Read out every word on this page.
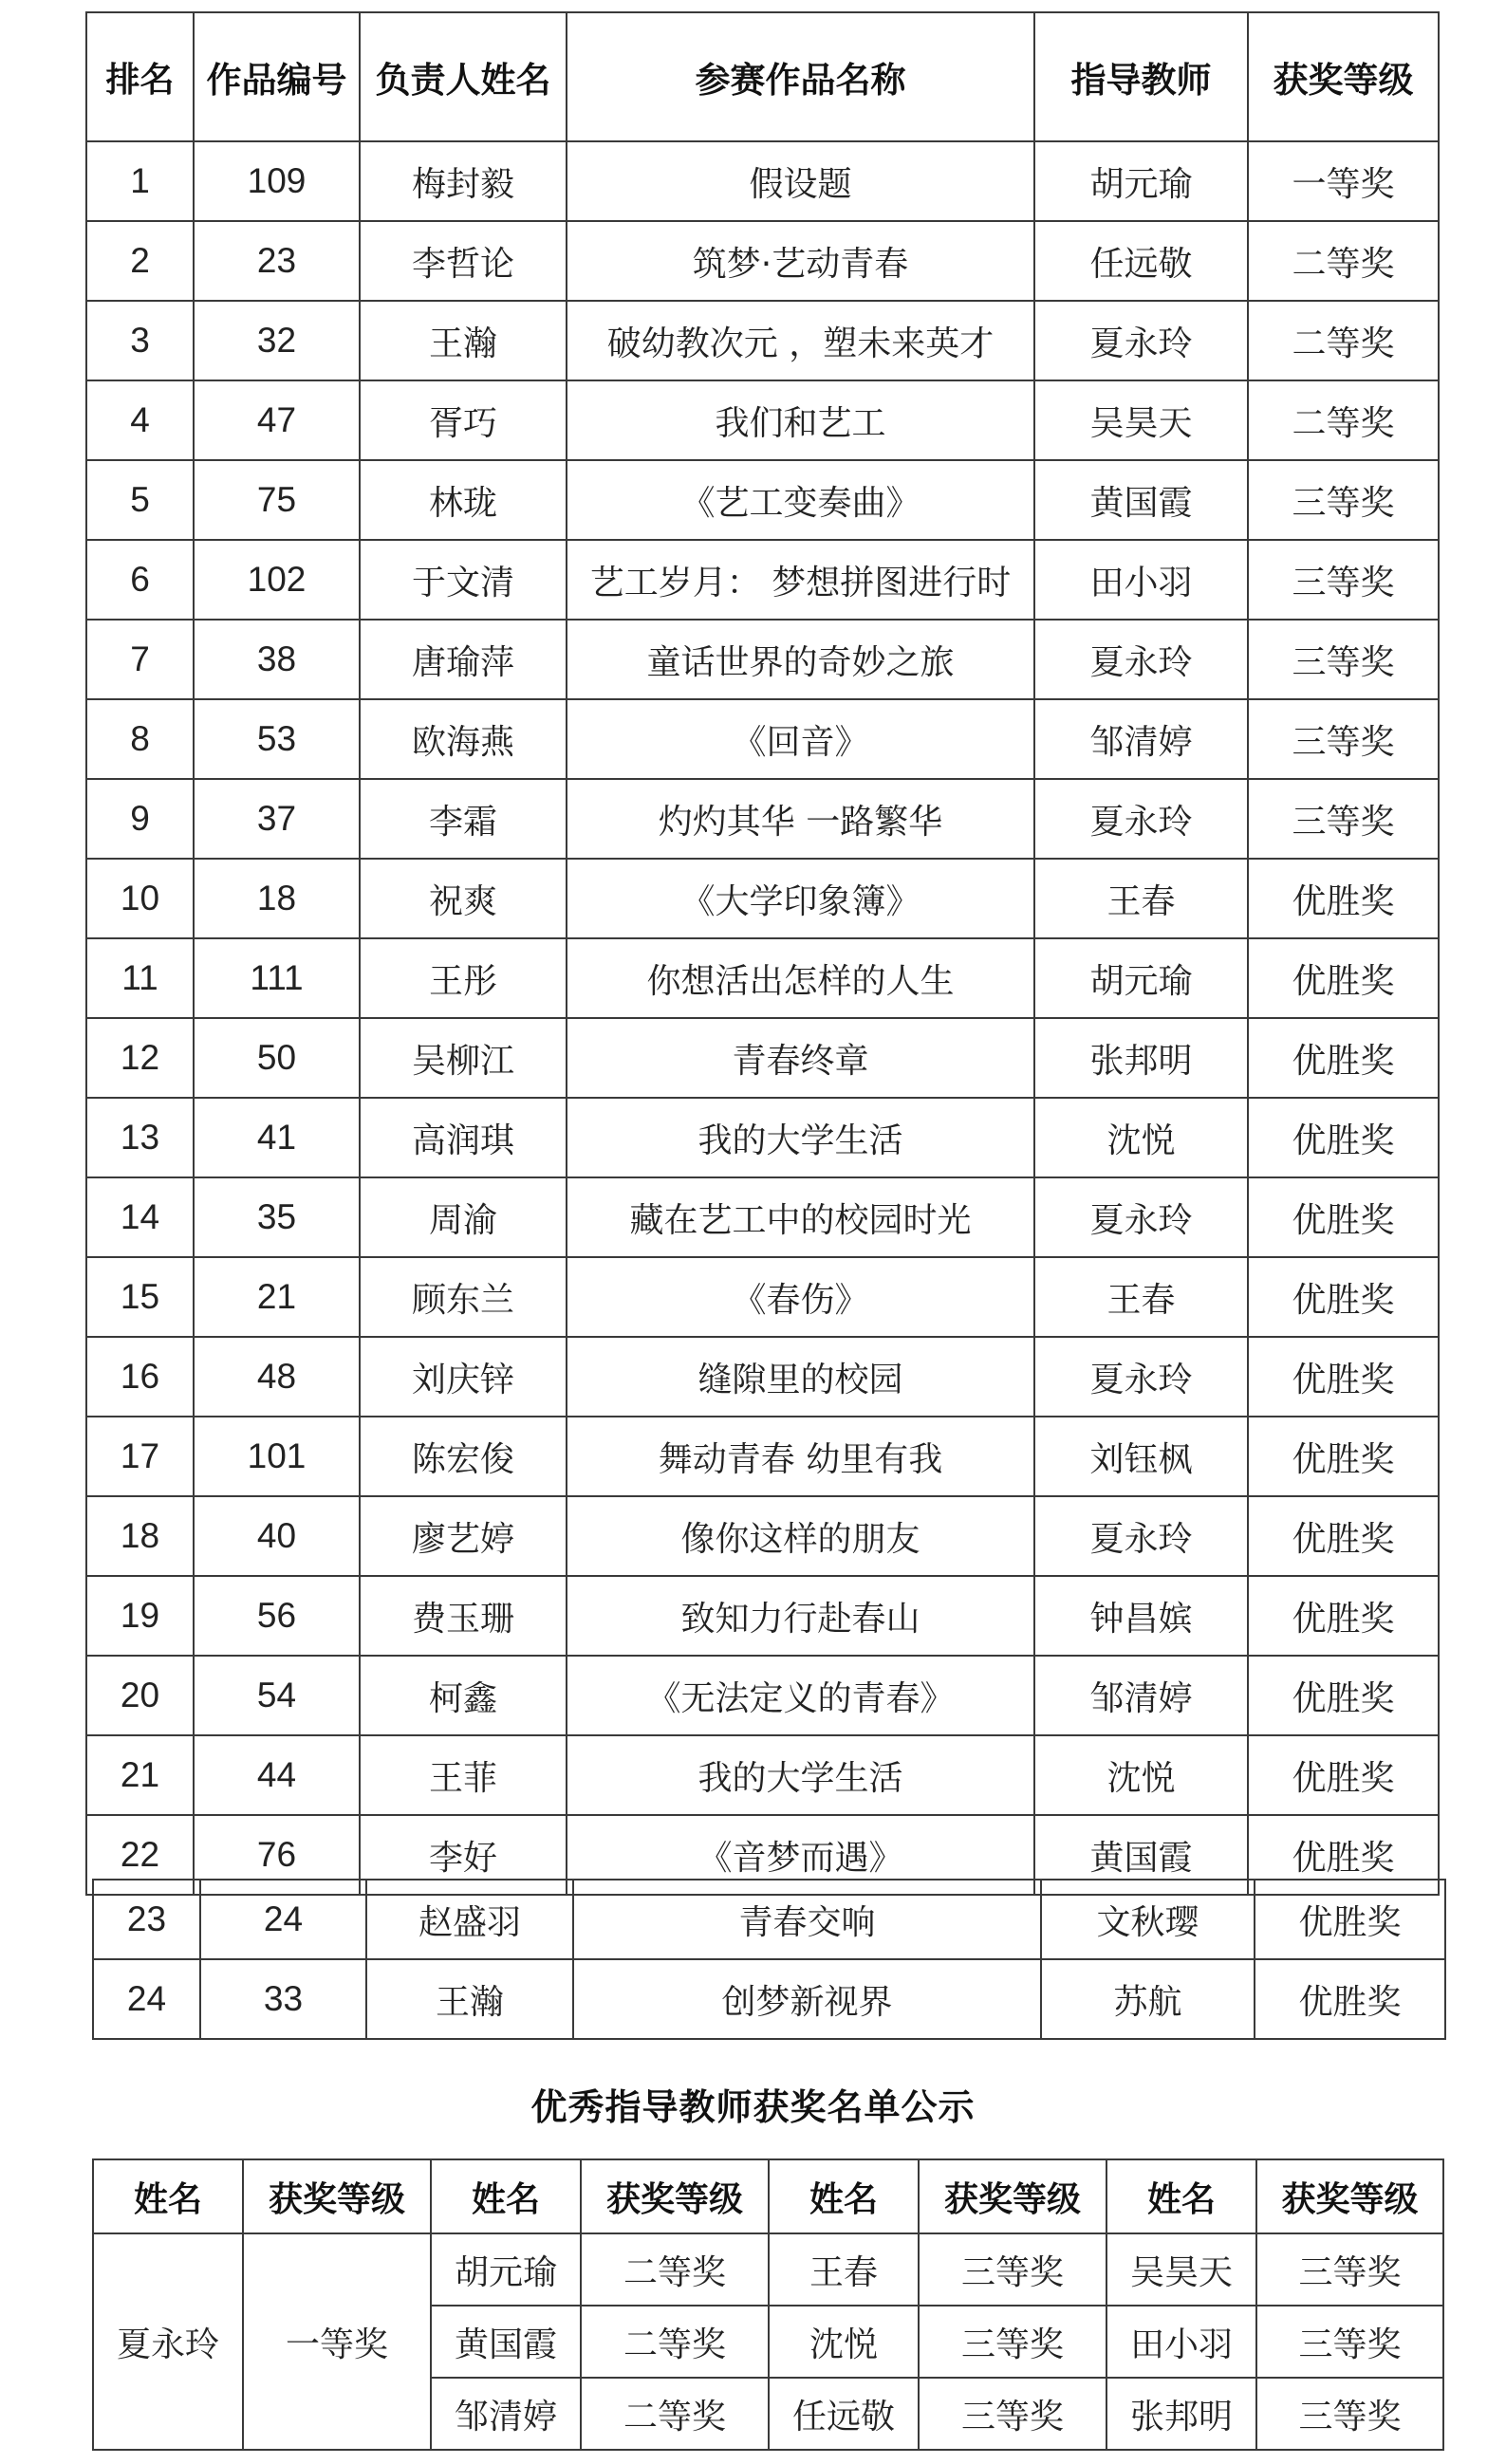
排名	作品编号	负责人姓名	参赛作品名称	指导教师	获奖等级
1	109	梅封毅	假设题	胡元瑜	一等奖
2	23	李哲论	筑梦·艺动青春	任远敬	二等奖
3	32	王瀚	破幼教次元 ，塑未来英才	夏永玲	二等奖
4	47	胥巧	我们和艺工	吴昊天	二等奖
5	75	林珑	《艺工变奏曲》	黄国霞	三等奖
6	102	于文清	艺工岁月： 梦想拼图进行时	田小羽	三等奖
7	38	唐瑜萍	童话世界的奇妙之旅	夏永玲	三等奖
8	53	欧海燕	《回音》	邹清婷	三等奖
9	37	李霜	灼灼其华 一路繁华	夏永玲	三等奖
10	18	祝爽	《大学印象簿》	王春	优胜奖
11	111	王彤	你想活出怎样的人生	胡元瑜	优胜奖
12	50	吴柳江	青春终章	张邦明	优胜奖
13	41	高润琪	我的大学生活	沈悦	优胜奖
14	35	周渝	藏在艺工中的校园时光	夏永玲	优胜奖
15	21	顾东兰	《春伤》	王春	优胜奖
16	48	刘庆锌	缝隙里的校园	夏永玲	优胜奖
17	101	陈宏俊	舞动青春 幼里有我	刘钰枫	优胜奖
18	40	廖艺婷	像你这样的朋友	夏永玲	优胜奖
19	56	费玉珊	致知力行赴春山	钟昌嫔	优胜奖
20	54	柯鑫	《无法定义的青春》	邹清婷	优胜奖
21	44	王菲	我的大学生活	沈悦	优胜奖
22	76	李好	《音梦而遇》	黄国霞	优胜奖
23	24	赵盛羽	青春交响	文秋璎	优胜奖
24	33	王瀚	创梦新视界	苏航	优胜奖
优秀指导教师获奖名单公示
姓名	获奖等级	姓名	获奖等级	姓名	获奖等级	姓名	获奖等级
夏永玲	一等奖	胡元瑜	二等奖	王春	三等奖	吴昊天	三等奖
		黄国霞	二等奖	沈悦	三等奖	田小羽	三等奖
		邹清婷	二等奖	任远敬	三等奖	张邦明	三等奖
